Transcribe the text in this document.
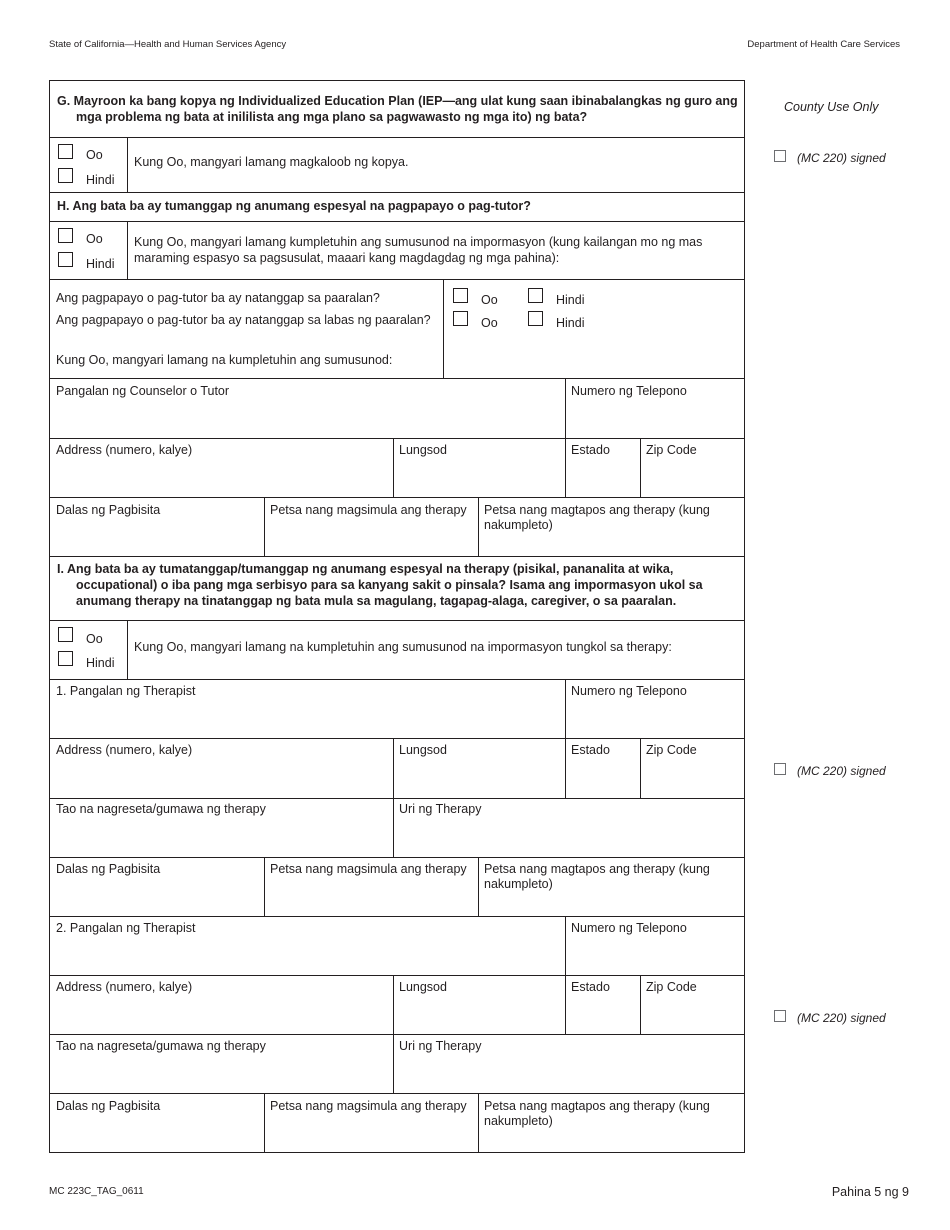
State of California—Health and Human Services Agency	Department of Health Care Services
County Use Only
(MC 220) signed
(MC 220) signed
(MC 220) signed
G. Mayroon ka bang kopya ng Individualized Education Plan (IEP—ang ulat kung saan ibinabalangkas ng guro ang
mga problema ng bata at inililista ang mga plano sa pagwawasto ng mga ito) ng bata?
Oo
Hindi
Kung Oo, mangyari lamang magkaloob ng kopya.
H. Ang bata ba ay tumanggap ng anumang espesyal na pagpapayo o pag-tutor?
Oo
Hindi
Kung Oo, mangyari lamang kumpletuhin ang sumusunod na impormasyon (kung kailangan mo ng mas
maraming espasyo sa pagsusulat, maaari kang magdagdag ng mga pahina):
Ang pagpapayo o pag-tutor ba ay natanggap sa paaralan?
Ang pagpapayo o pag-tutor ba ay natanggap sa labas ng paaralan?
Kung Oo, mangyari lamang na kumpletuhin ang sumusunod:
Oo	Hindi
Oo	Hindi
Pangalan ng Counselor o Tutor	Numero ng Telepono
Address (numero, kalye)	Lungsod	Estado	Zip Code
Dalas ng Pagbisita	Petsa nang magsimula ang therapy Petsa nang magtapos ang therapy (kung
nakumpleto)
I. Ang bata ba ay tumatanggap/tumanggap ng anumang espesyal na therapy (pisikal, pananalita at wika,
occupational) o iba pang mga serbisyo para sa kanyang sakit o pinsala? Isama ang impormasyon ukol sa
anumang therapy na tinatanggap ng bata mula sa magulang, tagapag-alaga, caregiver, o sa paaralan.
Oo
Hindi
Kung Oo, mangyari lamang na kumpletuhin ang sumusunod na impormasyon tungkol sa therapy:
1. Pangalan ng Therapist	Numero ng Telepono
Address (numero, kalye)	Lungsod	Estado	Zip Code
Tao na nagreseta/gumawa ng therapy	Uri ng Therapy
Dalas ng Pagbisita	Petsa nang magsimula ang therapy Petsa nang magtapos ang therapy (kung
nakumpleto)
2. Pangalan ng Therapist	Numero ng Telepono
Address (numero, kalye)	Lungsod	Estado	Zip Code
Tao na nagreseta/gumawa ng therapy	Uri ng Therapy
Dalas ng Pagbisita	Petsa nang magsimula ang therapy Petsa nang magtapos ang therapy (kung
nakumpleto)
MC 223C_TAG_0611	Pahina 5 ng 9
